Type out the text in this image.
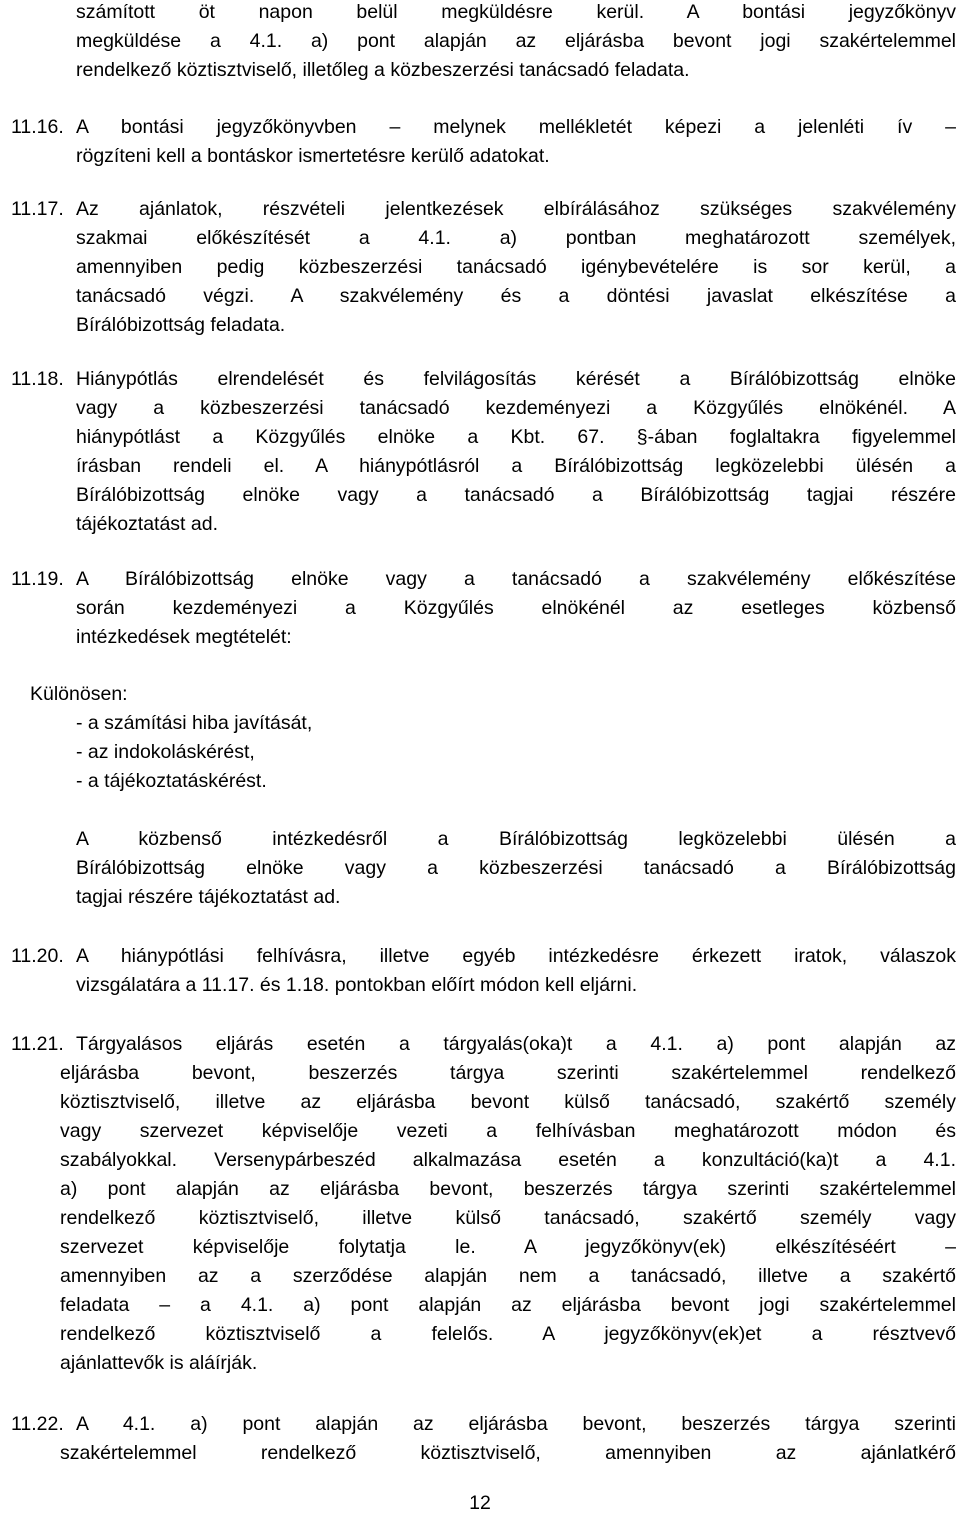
számított öt napon belül megküldésre kerül. A bontási jegyzőkönyv
megküldése a 4.1. a) pont alapján az eljárásba bevont jogi szakértelemmel
rendelkező köztisztviselő, illetőleg a közbeszerzési tanácsadó feladata.
11.16. A bontási jegyzőkönyvben – melynek mellékletét képezi a jelenléti ív –
rögzíteni kell a bontáskor ismertetésre kerülő adatokat.
11.17. Az ajánlatok, részvételi jelentkezések elbírálásához szükséges szakvélemény
szakmai előkészítését a 4.1. a) pontban meghatározott személyek,
amennyiben pedig közbeszerzési tanácsadó igénybevételére is sor kerül, a
tanácsadó végzi. A szakvélemény és a döntési javaslat elkészítése a
Bírálóbizottság feladata.
11.18. Hiánypótlás elrendelését és felvilágosítás kérését a Bírálóbizottság elnöke
vagy a közbeszerzési tanácsadó kezdeményezi a Közgyűlés elnökénél. A
hiánypótlást a Közgyűlés elnöke a Kbt. 67. §-ában foglaltakra figyelemmel
írásban rendeli el. A hiánypótlásról a Bírálóbizottság legközelebbi ülésén a
Bírálóbizottság elnöke vagy a tanácsadó a Bírálóbizottság tagjai részére
tájékoztatást ad.
11.19. A Bírálóbizottság elnöke vagy a tanácsadó a szakvélemény előkészítése
során kezdeményezi a Közgyűlés elnökénél az esetleges közbenső
intézkedések megtételét:
Különösen:
- a számítási hiba javítását,
- az indokoláskérést,
- a tájékoztatáskérést.
A közbenső intézkedésről a Bírálóbizottság legközelebbi ülésén a
Bírálóbizottság elnöke vagy a közbeszerzési tanácsadó a Bírálóbizottság
tagjai részére tájékoztatást ad.
11.20. A hiánypótlási felhívásra, illetve egyéb intézkedésre érkezett iratok, válaszok
vizsgálatára a 11.17. és 1.18. pontokban előírt módon kell eljárni.
11.21. Tárgyalásos eljárás esetén a tárgyalás(oka)t a 4.1. a) pont alapján az
eljárásba bevont, beszerzés tárgya szerinti szakértelemmel rendelkező
köztisztviselő, illetve az eljárásba bevont külső tanácsadó, szakértő személy
vagy szervezet képviselője vezeti a felhívásban meghatározott módon és
szabályokkal. Versenypárbeszéd alkalmazása esetén a konzultáció(ka)t a 4.1.
a) pont alapján az eljárásba bevont, beszerzés tárgya szerinti szakértelemmel
rendelkező köztisztviselő, illetve külső tanácsadó, szakértő személy vagy
szervezet képviselője folytatja le. A jegyzőkönyv(ek) elkészítéséért –
amennyiben az a szerződése alapján nem a tanácsadó, illetve a szakértő
feladata – a 4.1. a) pont alapján az eljárásba bevont jogi szakértelemmel
rendelkező köztisztviselő a felelős. A jegyzőkönyv(ek)et a résztvevő
ajánlattevők is aláírják.
11.22. A 4.1. a) pont alapján az eljárásba bevont, beszerzés tárgya szerinti
szakértelemmel rendelkező köztisztviselő, amennyiben az ajánlatkérő
12
